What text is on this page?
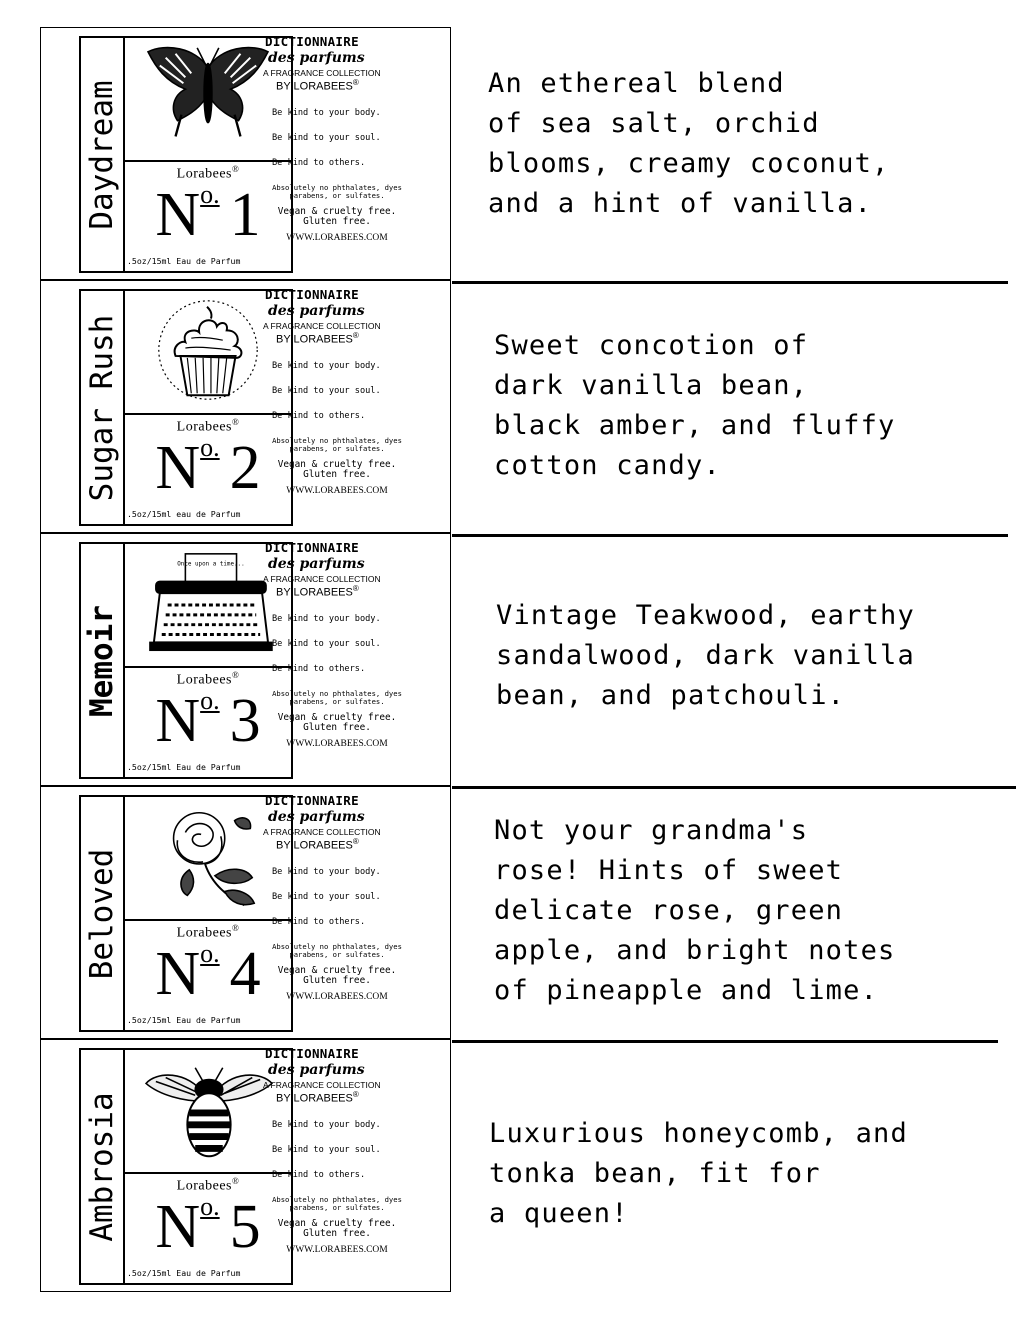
Daydream	Lorabees®
N o. 1
.5oz/15ml Eau de Parfum
DICTIONNAIRE
des parfums
A FRAGRANCE COLLECTION
BY LORABEES®
Be kind to your body.
Be kind to your soul.
Be kind to others.
Absolutely no phthalates, dyes parabens, or sulfates.
Vegan & cruelty free.
Gluten free.
WWW.LORABEES.COM
Sugar Rush	Lorabees®
N o. 2
.5oz/15ml eau de Parfum
DICTIONNAIRE
des parfums
A FRAGRANCE COLLECTION
BY LORABEES®
Be kind to your body.
Be kind to your soul.
Be kind to others.
Absolutely no phthalates, dyes parabens, or sulfates.
Vegan & cruelty free.
Gluten free.
WWW.LORABEES.COM
Memoir
Once upon a time...
Lorabees®
N o. 3
.5oz/15ml Eau de Parfum
DICTIONNAIRE
des parfums
A FRAGRANCE COLLECTION
BY LORABEES®
Be kind to your body.
Be kind to your soul.
Be kind to others.
Absolutely no phthalates, dyes parabens, or sulfates.
Vegan & cruelty free.
Gluten free.
WWW.LORABEES.COM
Beloved	Lorabees®
N o. 4
.5oz/15ml Eau de Parfum
DICTIONNAIRE
des parfums
A FRAGRANCE COLLECTION
BY LORABEES®
Be kind to your body.
Be kind to your soul.
Be kind to others.
Absolutely no phthalates, dyes parabens, or sulfates.
Vegan & cruelty free.
Gluten free.
WWW.LORABEES.COM
Ambrosia	Lorabees®
N o. 5
.5oz/15ml Eau de Parfum
DICTIONNAIRE
des parfums
A FRAGRANCE COLLECTION
BY LORABEES®
Be kind to your body.
Be kind to your soul.
Be kind to others.
Absolutely no phthalates, dyes parabens, or sulfates.
Vegan & cruelty free.
Gluten free.
WWW.LORABEES.COM
An ethereal blend
of sea salt, orchid
blooms, creamy coconut,
and a hint of vanilla.
Sweet concotion of
dark vanilla bean,
black amber, and fluffy
cotton candy.
Vintage Teakwood, earthy
sandalwood, dark vanilla
bean, and patchouli.
Not your grandma's
rose! Hints of sweet
delicate rose, green
apple, and bright notes
of pineapple and lime.
Luxurious honeycomb, and
tonka bean, fit for
a queen!
